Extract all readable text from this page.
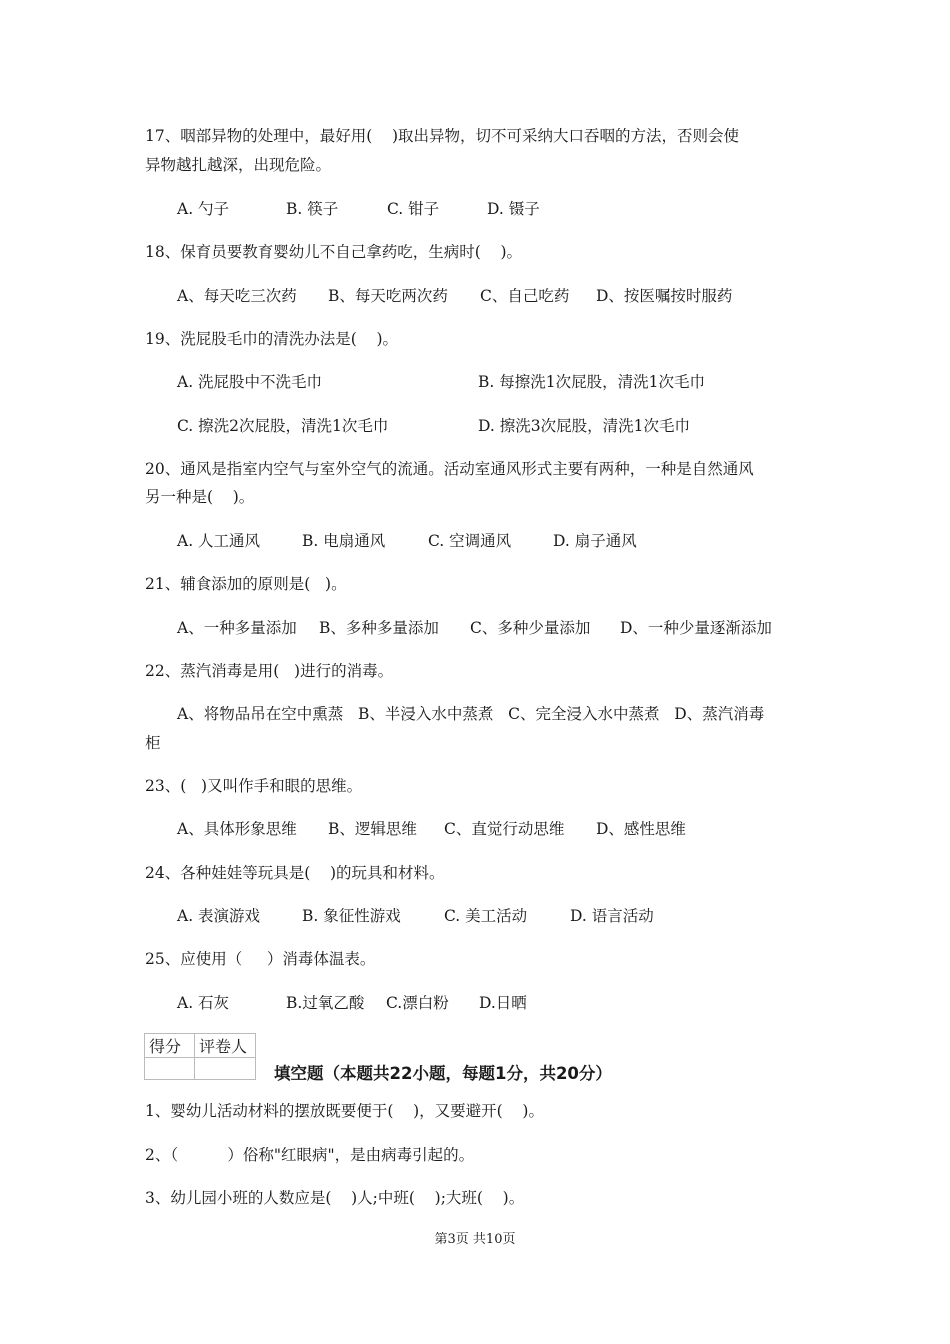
17、咽部异物的处理中，最好用(    )取出异物，切不可采纳大口吞咽的方法，否则会使
异物越扎越深，出现危险。
A. 勺子	B. 筷子	C. 钳子	D. 镊子
18、保育员要教育婴幼儿不自己拿药吃，生病时(    )。
A、每天吃三次药 B、每天吃两次药 C、自己吃药 D、按医嘱按时服药
19、洗屁股毛巾的清洗办法是(    )。
A. 洗屁股中不洗毛巾	B. 每擦洗1次屁股，清洗1次毛巾
C. 擦洗2次屁股，清洗1次毛巾	D. 擦洗3次屁股，清洗1次毛巾
20、通风是指室内空气与室外空气的流通。活动室通风形式主要有两种，一种是自然通风
另一种是(    )。
A. 人工通风	B. 电扇通风	C. 空调通风	D. 扇子通风
21、辅食添加的原则是(   )。
A、一种多量添加 B、多种多量添加 C、多种少量添加 D、一种少量逐渐添加
22、蒸汽消毒是用(   )进行的消毒。
A、将物品吊在空中熏蒸   B、半浸入水中蒸煮   C、完全浸入水中蒸煮   D、蒸汽消毒
柜
23、(   )又叫作手和眼的思维。
A、具体形象思维 B、逻辑思维 C、直觉行动思维 D、感性思维
24、各种娃娃等玩具是(    )的玩具和材料。
A. 表演游戏	B. 象征性游戏	C. 美工活动	D. 语言活动
25、应使用（     ）消毒体温表。
A. 石灰	B.过氧乙酸 C.漂白粉 D.日晒
得分	评卷人

填空题（本题共22小题，每题1分，共20分）
1、婴幼儿活动材料的摆放既要便于(    )，又要避开(    )。
2、（          ）俗称"红眼病"，是由病毒引起的。
3、幼儿园小班的人数应是(    )人;中班(    );大班(    )。
第3页 共10页
